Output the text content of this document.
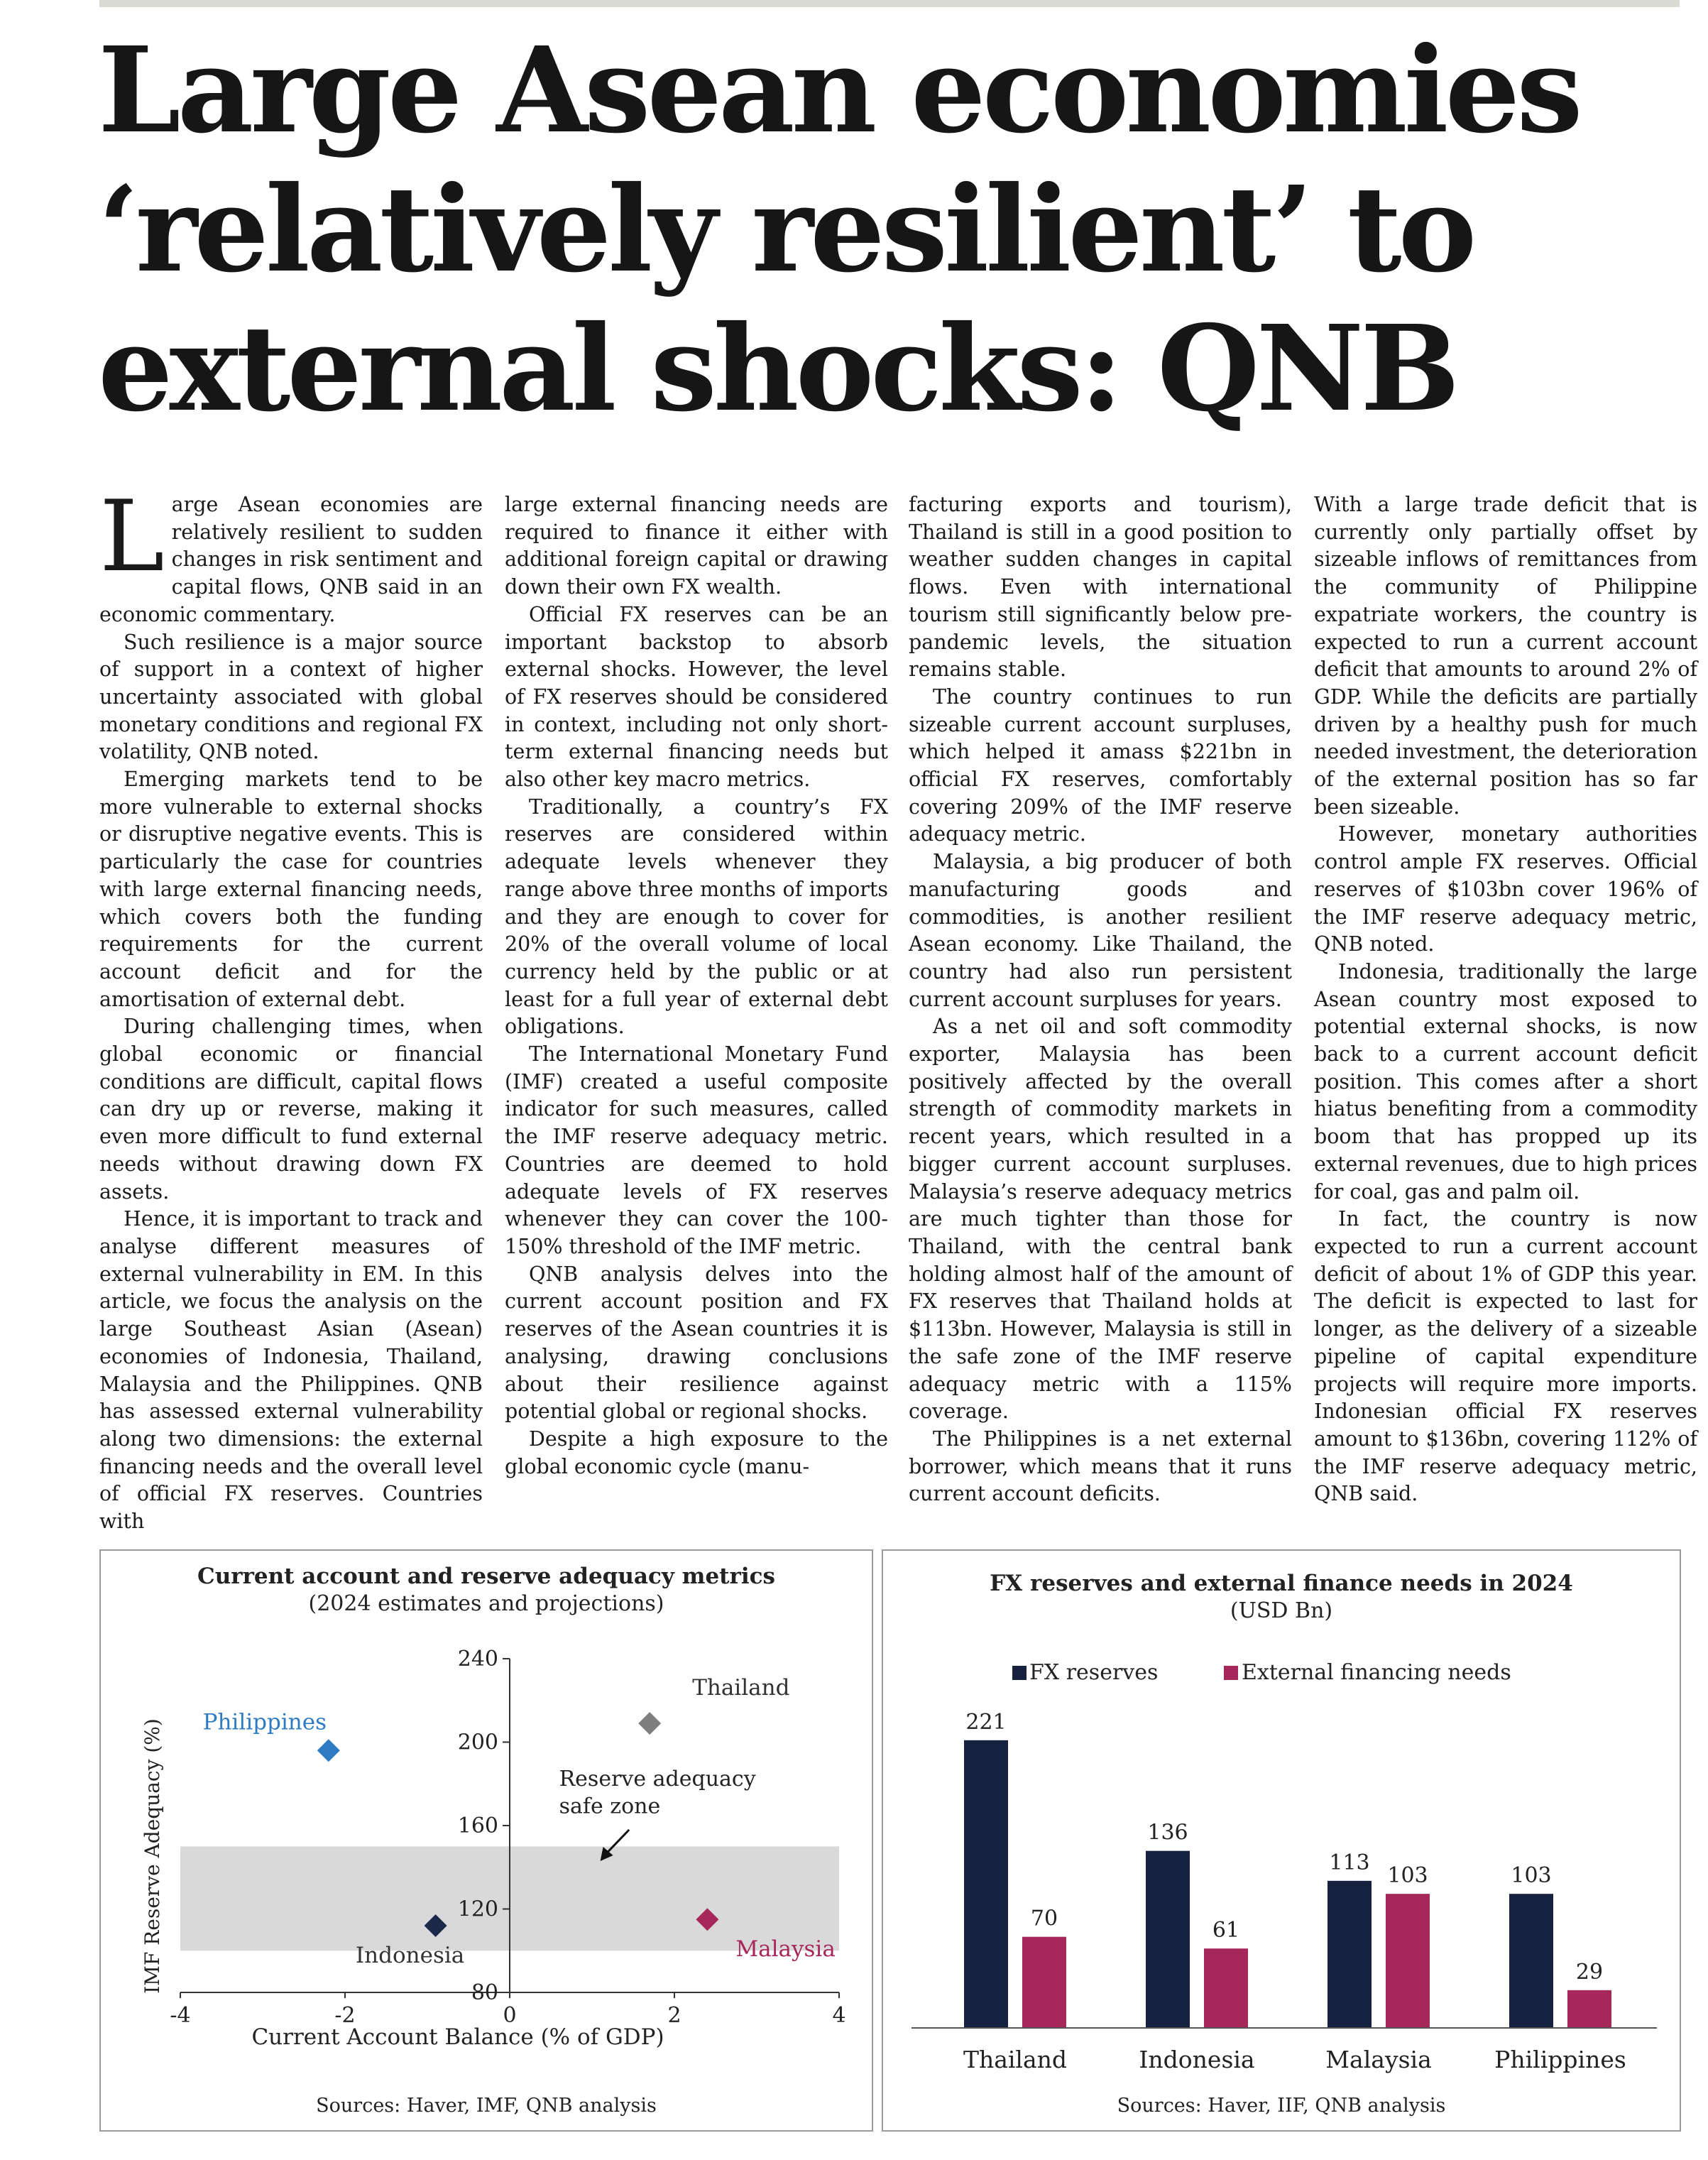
Large Asean economies
‘relatively resilient’ to
external shocks: QNB

Large Asean economies are relatively resilient to sudden changes in risk sentiment and capital flows, QNB said in an economic commentary.

Such resilience is a major source of support in a context of higher uncertainty associated with global monetary conditions and regional FX volatility, QNB noted.

Emerging markets tend to be more vulnerable to external shocks or disruptive negative events. This is particularly the case for countries with large external financing needs, which covers both the funding requirements for the current account deficit and for the amortisation of external debt.

During challenging times, when global economic or financial conditions are difficult, capital flows can dry up or reverse, making it even more difficult to fund external needs without drawing down FX assets.

Hence, it is important to track and analyse different measures of external vulnerability in EM. In this article, we focus the analysis on the large Southeast Asian (Asean) economies of Indonesia, Thailand, Malaysia and the Philippines. QNB has assessed external vulnerability along two dimensions: the external financing needs and the overall level of official FX reserves. Countries with

large external financing needs are required to finance it either with additional foreign capital or drawing down their own FX wealth.

Official FX reserves can be an important backstop to absorb external shocks. However, the level of FX reserves should be considered in context, including not only short-term external financing needs but also other key macro metrics.

Traditionally, a country’s FX reserves are considered within adequate levels whenever they range above three months of imports and they are enough to cover for 20% of the overall volume of local currency held by the public or at least for a full year of external debt obligations.

The International Monetary Fund (IMF) created a useful composite indicator for such measures, called the IMF reserve adequacy metric. Countries are deemed to hold adequate levels of FX reserves whenever they can cover the 100-150% threshold of the IMF metric.

QNB analysis delves into the current account position and FX reserves of the Asean countries it is analysing, drawing conclusions about their resilience against potential global or regional shocks.

Despite a high exposure to the global economic cycle (manu-

facturing exports and tourism), Thailand is still in a good position to weather sudden changes in capital flows. Even with international tourism still significantly below pre-pandemic levels, the situation remains stable.

The country continues to run sizeable current account surpluses, which helped it amass $221bn in official FX reserves, comfortably covering 209% of the IMF reserve adequacy metric.

Malaysia, a big producer of both manufacturing goods and commodities, is another resilient Asean economy. Like Thailand, the country had also run persistent current account surpluses for years.

As a net oil and soft commodity exporter, Malaysia has been positively affected by the overall strength of commodity markets in recent years, which resulted in a bigger current account surpluses. Malaysia’s reserve adequacy metrics are much tighter than those for Thailand, with the central bank holding almost half of the amount of FX reserves that Thailand holds at $113bn. However, Malaysia is still in the safe zone of the IMF reserve adequacy metric with a 115% coverage.

The Philippines is a net external borrower, which means that it runs current account deficits.

With a large trade deficit that is currently only partially offset by sizeable inflows of remittances from the community of Philippine expatriate workers, the country is expected to run a current account deficit that amounts to around 2% of GDP. While the deficits are partially driven by a healthy push for much needed investment, the deterioration of the external position has so far been sizeable.

However, monetary authorities control ample FX reserves. Official reserves of $103bn cover 196% of the IMF reserve adequacy metric, QNB noted.

Indonesia, traditionally the large Asean country most exposed to potential external shocks, is now back to a current account deficit position. This comes after a short hiatus benefiting from a commodity boom that has propped up its external revenues, due to high prices for coal, gas and palm oil.

In fact, the country is now expected to run a current account deficit of about 1% of GDP this year. The deficit is expected to last for longer, as the delivery of a sizeable pipeline of capital expenditure projects will require more imports. Indonesian official FX reserves amount to $136bn, covering 112% of the IMF reserve adequacy metric, QNB said.

Current account and reserve adequacy metrics
(2024 estimates and projections)
80
120
160
200
240
-4	-2	0	2	4
Thailand
Philippines
Indonesia	Malaysia
Reserve adequacy
safe zone
Current Account Balance (% of GDP)
IMF Reserve Adequacy (%)
Sources: Haver, IMF, QNB analysis
FX reserves and external finance needs in 2024
(USD Bn)
FX reserves	External financing needs
221
70
136
61
113
103	103
29
Thailand	Indonesia	Malaysia	Philippines
Sources: Haver, IIF, QNB analysis
